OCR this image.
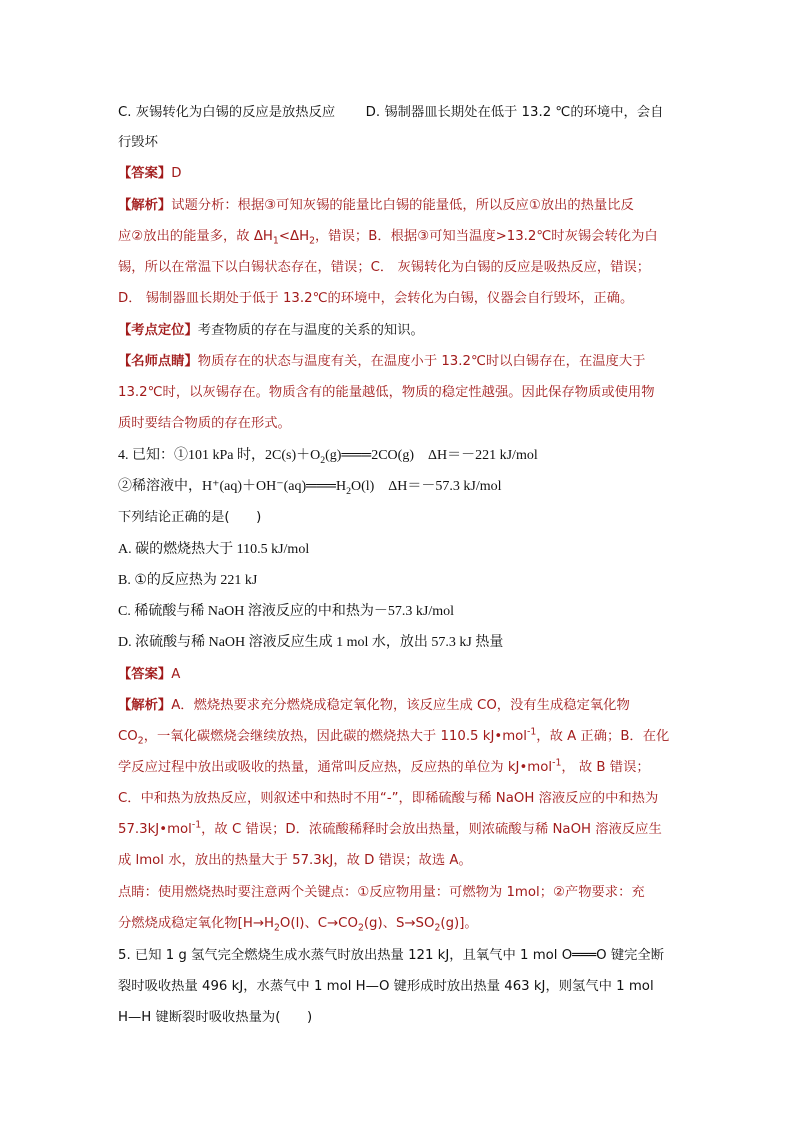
C. 灰锡转化为白锡的反应是放热反应 D. 锡制器皿长期处在低于 13.2 ℃的环境中，会自
行毁坏
【答案】D
【解析】试题分析：根据③可知灰锡的能量比白锡的能量低，所以反应①放出的热量比反
应②放出的能量多，故 $\Delta H_1<\Delta H_2$，错误；B．根据③可知当温度>13.2℃时灰锡会转化为白
锡，所以在常温下以白锡状态存在，错误；C． 灰锡转化为白锡的反应是吸热反应，错误；
D． 锡制器皿长期处于低于 13.2℃的环境中，会转化为白锡，仪器会自行毁坏，正确。
【考点定位】考查物质的存在与温度的关系的知识。
【名师点睛】物质存在的状态与温度有关，在温度小于 13.2℃时以白锡存在，在温度大于
13.2℃时，以灰锡存在。物质含有的能量越低，物质的稳定性越强。因此保存物质或使用物
质时要结合物质的存在形式。
4. 已知：①101 kPa 时，$2C(s)+O_2(g)═══2CO(g)$　ΔH＝－221 kJ/mol
②稀溶液中，$H^+(aq)+OH^-(aq)═══H_2O(l)$　ΔH＝－57.3 kJ/mol
下列结论正确的是(　　)
A. 碳的燃烧热大于 110.5 kJ/mol
B. ①的反应热为 221 kJ
C. 稀硫酸与稀 NaOH 溶液反应的中和热为－57.3 kJ/mol
D. 浓硫酸与稀 NaOH 溶液反应生成 1 mol 水，放出 57.3 kJ 热量
【答案】A
【解析】A．燃烧热要求充分燃烧成稳定氧化物，该反应生成 CO，没有生成稳定氧化物
$CO_2$，一氧化碳燃烧会继续放热，因此碳的燃烧热大于 110.5 kJ•mol$^{-1}$，故 A 正确；B．在化
学反应过程中放出或吸收的热量，通常叫反应热，反应热的单位为 kJ•mol$^{-1}$， 故 B 错误；
C．中和热为放热反应，则叙述中和热时不用“-”，即稀硫酸与稀 NaOH 溶液反应的中和热为
57.3kJ•mol$^{-1}$，故 C 错误；D．浓硫酸稀释时会放出热量，则浓硫酸与稀 NaOH 溶液反应生
成 lmol 水，放出的热量大于 57.3kJ，故 D 错误；故选 A。
点睛：使用燃烧热时要注意两个关键点：①反应物用量：可燃物为 1mol；②产物要求：充
分燃烧成稳定氧化物[$H\to H_2O(l)$、$C\to CO_2(g)$、$S\to SO_2(g)$]。
5. 已知 1 g 氢气完全燃烧生成水蒸气时放出热量 121 kJ，且氧气中 1 mol O═══O 键完全断
裂时吸收热量 496 kJ，水蒸气中 1 mol H—O 键形成时放出热量 463 kJ，则氢气中 1 mol
H—H 键断裂时吸收热量为(　　)
